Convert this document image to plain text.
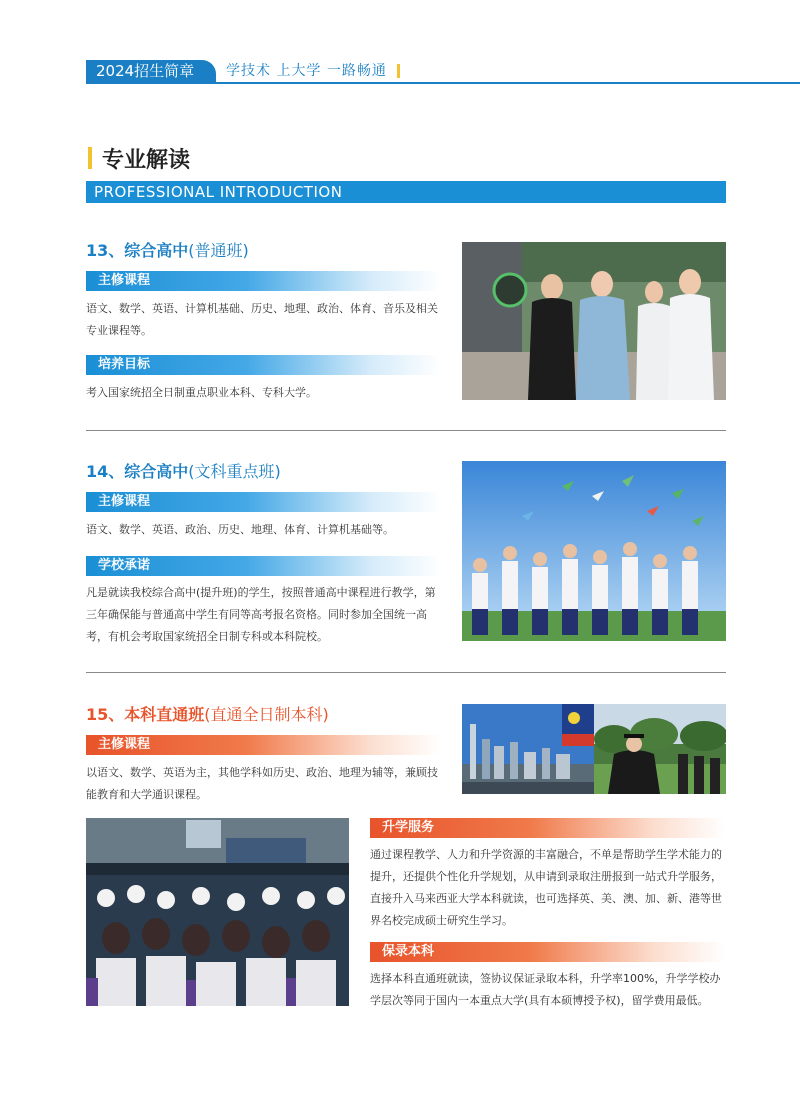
2024招生简章	学技术 上大学 一路畅通
专业解读
PROFESSIONAL INTRODUCTION
13、综合高中(普通班)
主修课程
语文、数学、英语、计算机基础、历史、地理、政治、体育、音乐及相关专业课程等。
培养目标
考入国家统招全日制重点职业本科、专科大学。
14、综合高中(文科重点班)
主修课程
语文、数学、英语、政治、历史、地理、体育、计算机基础等。
学校承诺
凡是就读我校综合高中(提升班)的学生，按照普通高中课程进行教学，第三年确保能与普通高中学生有同等高考报名资格。同时参加全国统一高考，有机会考取国家统招全日制专科或本科院校。
15、本科直通班(直通全日制本科)
主修课程
以语文、数学、英语为主，其他学科如历史、政治、地理为辅等，兼顾技能教育和大学通识课程。
升学服务
通过课程教学、人力和升学资源的丰富融合，不单是帮助学生学术能力的提升，还提供个性化升学规划，从申请到录取注册报到一站式升学服务，直接升入马来西亚大学本科就读，也可选择英、美、澳、加、新、港等世界名校完成硕士研究生学习。
保录本科
选择本科直通班就读，签协议保证录取本科，升学率100%，升学学校办学层次等同于国内一本重点大学(具有本硕博授予权)，留学费用最低。
